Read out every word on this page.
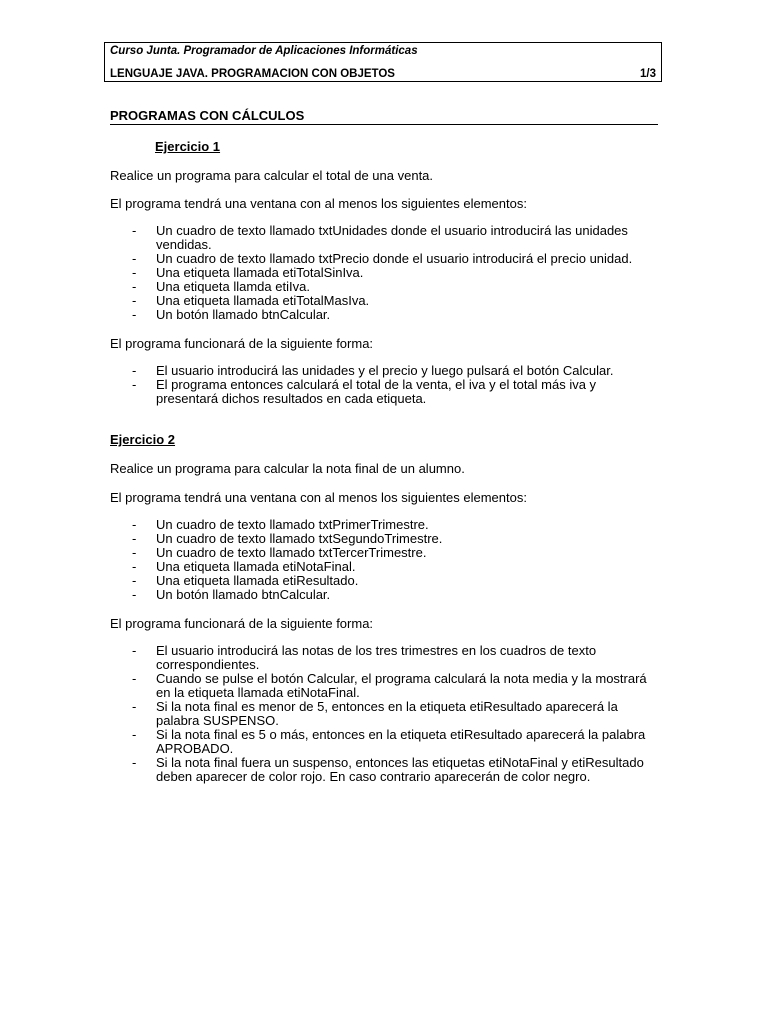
Curso Junta. Programador de Aplicaciones Informáticas
LENGUAJE JAVA. PROGRAMACION CON OBJETOS	1/3
PROGRAMAS CON CÁLCULOS
Ejercicio 1
Realice un programa para calcular el total de una venta.
El programa tendrá una ventana con al menos los siguientes elementos:
- Un cuadro de texto llamado txtUnidades donde el usuario introducirá las unidades vendidas.
- Un cuadro de texto llamado txtPrecio donde el usuario introducirá el precio unidad.
- Una etiqueta llamada etiTotalSinIva.
- Una etiqueta llamda etiIva.
- Una etiqueta llamada etiTotalMasIva.
- Un botón llamado btnCalcular.
El programa funcionará de la siguiente forma:
- El usuario introducirá las unidades y el precio y luego pulsará el botón Calcular.
- El programa entonces calculará el total de la venta, el iva y el total más iva y presentará dichos resultados en cada etiqueta.
Ejercicio 2
Realice un programa para calcular la nota final de un alumno.
El programa tendrá una ventana con al menos los siguientes elementos:
- Un cuadro de texto llamado txtPrimerTrimestre.
- Un cuadro de texto llamado txtSegundoTrimestre.
- Un cuadro de texto llamado txtTercerTrimestre.
- Una etiqueta llamada etiNotaFinal.
- Una etiqueta llamada etiResultado.
- Un botón llamado btnCalcular.
El programa funcionará de la siguiente forma:
- El usuario introducirá las notas de los tres trimestres en los cuadros de texto correspondientes.
- Cuando se pulse el botón Calcular, el programa calculará la nota media y la mostrará en la etiqueta llamada etiNotaFinal.
- Si la nota final es menor de 5, entonces en la etiqueta etiResultado aparecerá la palabra SUSPENSO.
- Si la nota final es 5 o más, entonces en la etiqueta etiResultado aparecerá la palabra APROBADO.
- Si la nota final fuera un suspenso, entonces las etiquetas etiNotaFinal y etiResultado deben aparecer de color rojo. En caso contrario aparecerán de color negro.
